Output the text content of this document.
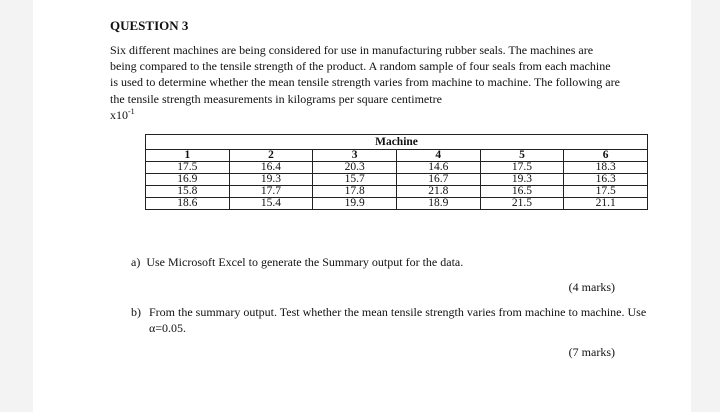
QUESTION 3
Six different machines are being considered for use in manufacturing rubber seals. The machines are being compared to the tensile strength of the product. A random sample of four seals from each machine is used to determine whether the mean tensile strength varies from machine to machine. The following are the tensile strength measurements in kilograms per square centimetre
$x10^{-1}$
Machine					
1	2	3	4	5	6
17.5	16.4	20.3	14.6	17.5	18.3
16.9	19.3	15.7	16.7	19.3	16.3
15.8	17.7	17.8	21.8	16.5	17.5
18.6	15.4	19.9	18.9	21.5	21.1
a) Use Microsoft Excel to generate the Summary output for the data.
(4 marks)
b) From the summary output. Test whether the mean tensile strength varies from machine to machine. Use α=0.05.
(7 marks)
